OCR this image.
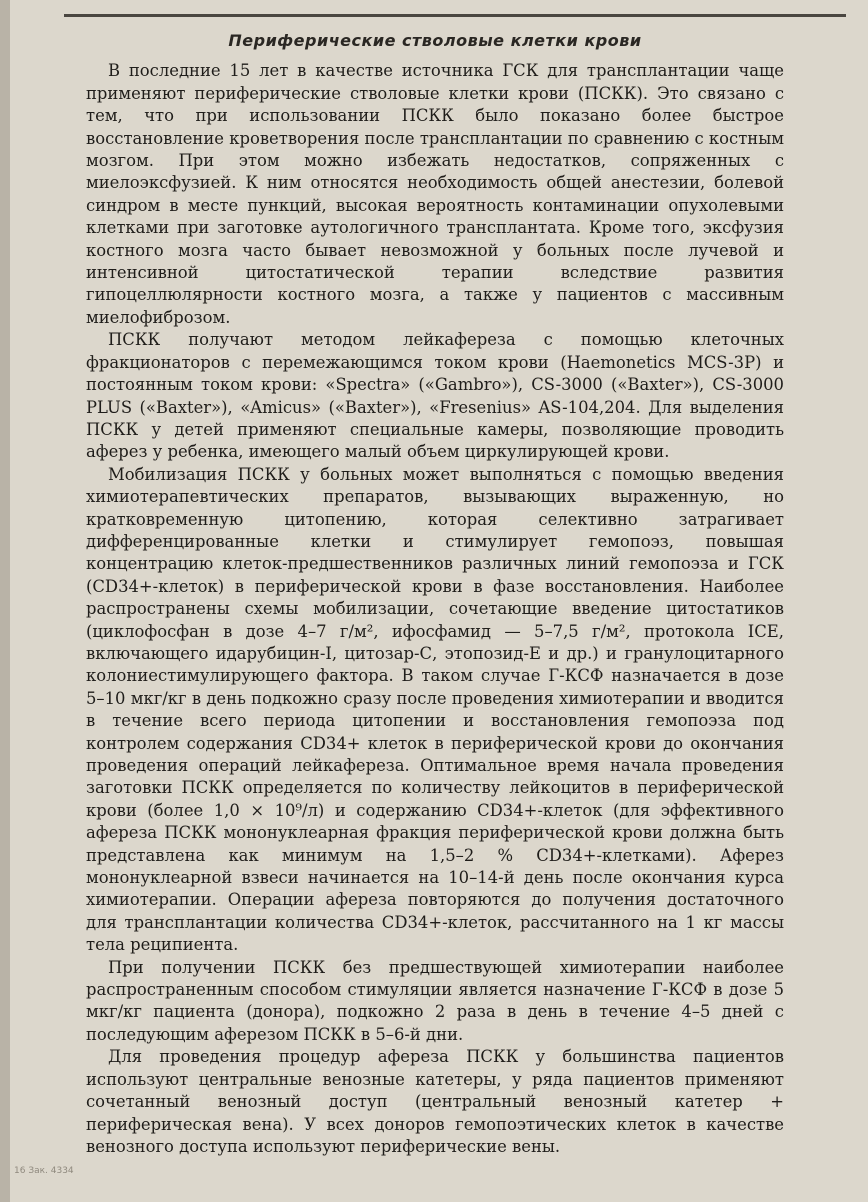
Периферические стволовые клетки крови

В последние 15 лет в качестве источника ГСК для трансплантации чаще применяют периферические стволовые клетки крови (ПСКК). Это связано с тем, что при использовании ПСКК было показано более быстрое восстановление кроветворения после трансплантации по сравнению с костным мозгом. При этом можно избежать недостатков, сопряженных с миелоэксфузией. К ним относятся необходимость общей анестезии, болевой синдром в месте пункций, высокая вероятность контаминации опухолевыми клетками при заготовке аутологичного трансплантата. Кроме того, эксфузия костного мозга часто бывает невозможной у больных после лучевой и интенсивной цитостатической терапии вследствие развития гипоцеллюлярности костного мозга, а также у пациентов с массивным миелофиброзом.

ПСКК получают методом лейкафереза с помощью клеточных фракционаторов с перемежающимся током крови (Haemonetics MCS-3P) и постоянным током крови: «Spectra» («Gambro»), CS-3000 («Baxter»), CS-3000 PLUS («Baxter»), «Amicus» («Baxter»), «Fresenius» AS-104,204. Для выделения ПСКК у детей применяют специальные камеры, позволяющие проводить аферез у ребенка, имеющего малый объем циркулирующей крови.

Мобилизация ПСКК у больных может выполняться с помощью введения химиотерапевтических препаратов, вызывающих выраженную, но кратковременную цитопению, которая селективно затрагивает дифференцированные клетки и стимулирует гемопоэз, повышая концентрацию клеток-предшественников различных линий гемопоэза и ГСК (CD34+-клеток) в периферической крови в фазе восстановления. Наиболее распространены схемы мобилизации, сочетающие введение цитостатиков (циклофосфан в дозе 4–7 г/м², ифосфамид — 5–7,5 г/м², протокола ICE, включающего идарубицин-I, цитозар-С, этопозид-Е и др.) и гранулоцитарного колониестимулирующего фактора. В таком случае Г-КСФ назначается в дозе 5–10 мкг/кг в день подкожно сразу после проведения химиотерапии и вводится в течение всего периода цитопении и восстановления гемопоэза под контролем содержания CD34+ клеток в периферической крови до окончания проведения операций лейкафереза. Оптимальное время начала проведения заготовки ПСКК определяется по количеству лейкоцитов в периферической крови (более 1,0 × 10⁹/л) и содержанию CD34+-клеток (для эффективного афереза ПСКК мононуклеарная фракция периферической крови должна быть представлена как минимум на 1,5–2 % CD34+-клетками). Аферез мононуклеарной взвеси начинается на 10–14-й день после окончания курса химиотерапии. Операции афереза повторяются до получения достаточного для трансплантации количества CD34+-клеток, рассчитанного на 1 кг массы тела реципиента.

При получении ПСКК без предшествующей химиотерапии наиболее распространенным способом стимуляции является назначение Г-КСФ в дозе 5 мкг/кг пациента (донора), подкожно 2 раза в день в течение 4–5 дней с последующим аферезом ПСКК в 5–6-й дни.

Для проведения процедур афереза ПСКК у большинства пациентов используют центральные венозные катетеры, у ряда пациентов применяют сочетанный венозный доступ (центральный венозный катетер + периферическая вена). У всех доноров гемопоэтических клеток в качестве венозного доступа используют периферические вены.

16 Зак. 4334
